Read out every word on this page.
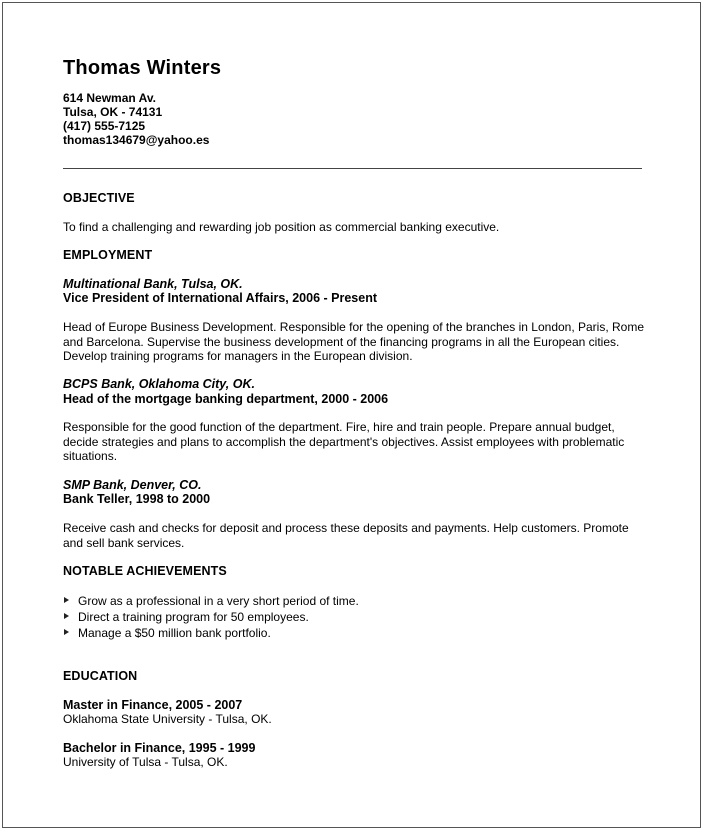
Thomas Winters
614 Newman Av.
Tulsa, OK - 74131
(417) 555-7125
thomas134679@yahoo.es
OBJECTIVE
To find a challenging and rewarding job position as commercial banking executive.
EMPLOYMENT
Multinational Bank, Tulsa, OK.
Vice President of International Affairs, 2006 - Present
Head of Europe Business Development. Responsible for the opening of the branches in London, Paris, Rome and Barcelona. Supervise the business development of the financing programs in all the European cities. Develop training programs for managers in the European division.
BCPS Bank, Oklahoma City, OK.
Head of the mortgage banking department, 2000 - 2006
Responsible for the good function of the department. Fire, hire and train people. Prepare annual budget, decide strategies and plans to accomplish the department's objectives. Assist employees with problematic situations.
SMP Bank, Denver, CO.
Bank Teller, 1998 to 2000
Receive cash and checks for deposit and process these deposits and payments. Help customers. Promote and sell bank services.
NOTABLE ACHIEVEMENTS
Grow as a professional in a very short period of time.
Direct a training program for 50 employees.
Manage a $50 million bank portfolio.
EDUCATION
Master in Finance, 2005 - 2007
Oklahoma State University - Tulsa, OK.
Bachelor in Finance, 1995 - 1999
University of Tulsa - Tulsa, OK.
